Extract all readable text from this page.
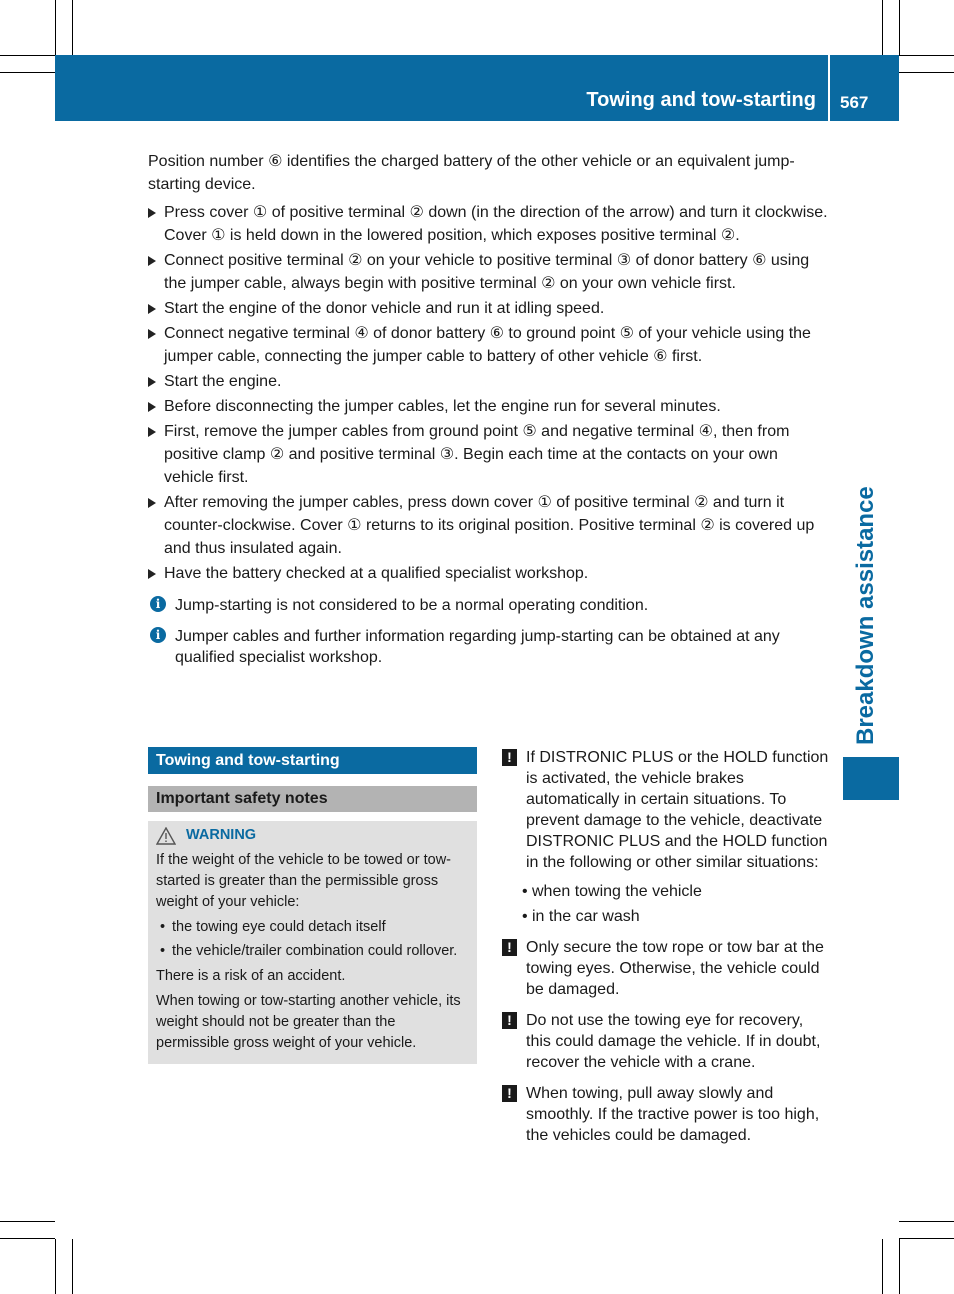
Towing and tow-starting 567
Breakdown assistance

Position number ⑥ identifies the charged battery of the other vehicle or an equivalent jump-starting device.

Press cover ① of positive terminal ② down (in the direction of the arrow) and turn it clockwise. Cover ① is held down in the lowered position, which exposes positive terminal ②.
Connect positive terminal ② on your vehicle to positive terminal ③ of donor battery ⑥ using the jumper cable, always begin with positive terminal ② on your own vehicle first.
Start the engine of the donor vehicle and run it at idling speed.
Connect negative terminal ④ of donor battery ⑥ to ground point ⑤ of your vehicle using the jumper cable, connecting the jumper cable to battery of other vehicle ⑥ first.
Start the engine.
Before disconnecting the jumper cables, let the engine run for several minutes.
First, remove the jumper cables from ground point ⑤ and negative terminal ④, then from positive clamp ② and positive terminal ③. Begin each time at the contacts on your own vehicle first.
After removing the jumper cables, press down cover ① of positive terminal ② and turn it counter-clockwise. Cover ① returns to its original position. Positive terminal ② is covered up and thus insulated again.
Have the battery checked at a qualified specialist workshop.
i Jump-starting is not considered to be a normal operating condition.
i Jumper cables and further information regarding jump-starting can be obtained at any qualified specialist workshop.
Towing and tow-starting
Important safety notes
WARNING

If the weight of the vehicle to be towed or tow-started is greater than the permissible gross weight of your vehicle:

• the towing eye could detach itself
• the vehicle/trailer combination could rollover.

There is a risk of an accident.

When towing or tow-starting another vehicle, its weight should not be greater than the permissible gross weight of your vehicle.

! If DISTRONIC PLUS or the HOLD function is activated, the vehicle brakes automatically in certain situations. To prevent damage to the vehicle, deactivate DISTRONIC PLUS and the HOLD function in the following or other similar situations:
• when towing the vehicle
• in the car wash
! Only secure the tow rope or tow bar at the towing eyes. Otherwise, the vehicle could be damaged.
! Do not use the towing eye for recovery, this could damage the vehicle. If in doubt, recover the vehicle with a crane.
! When towing, pull away slowly and smoothly. If the tractive power is too high, the vehicles could be damaged.
